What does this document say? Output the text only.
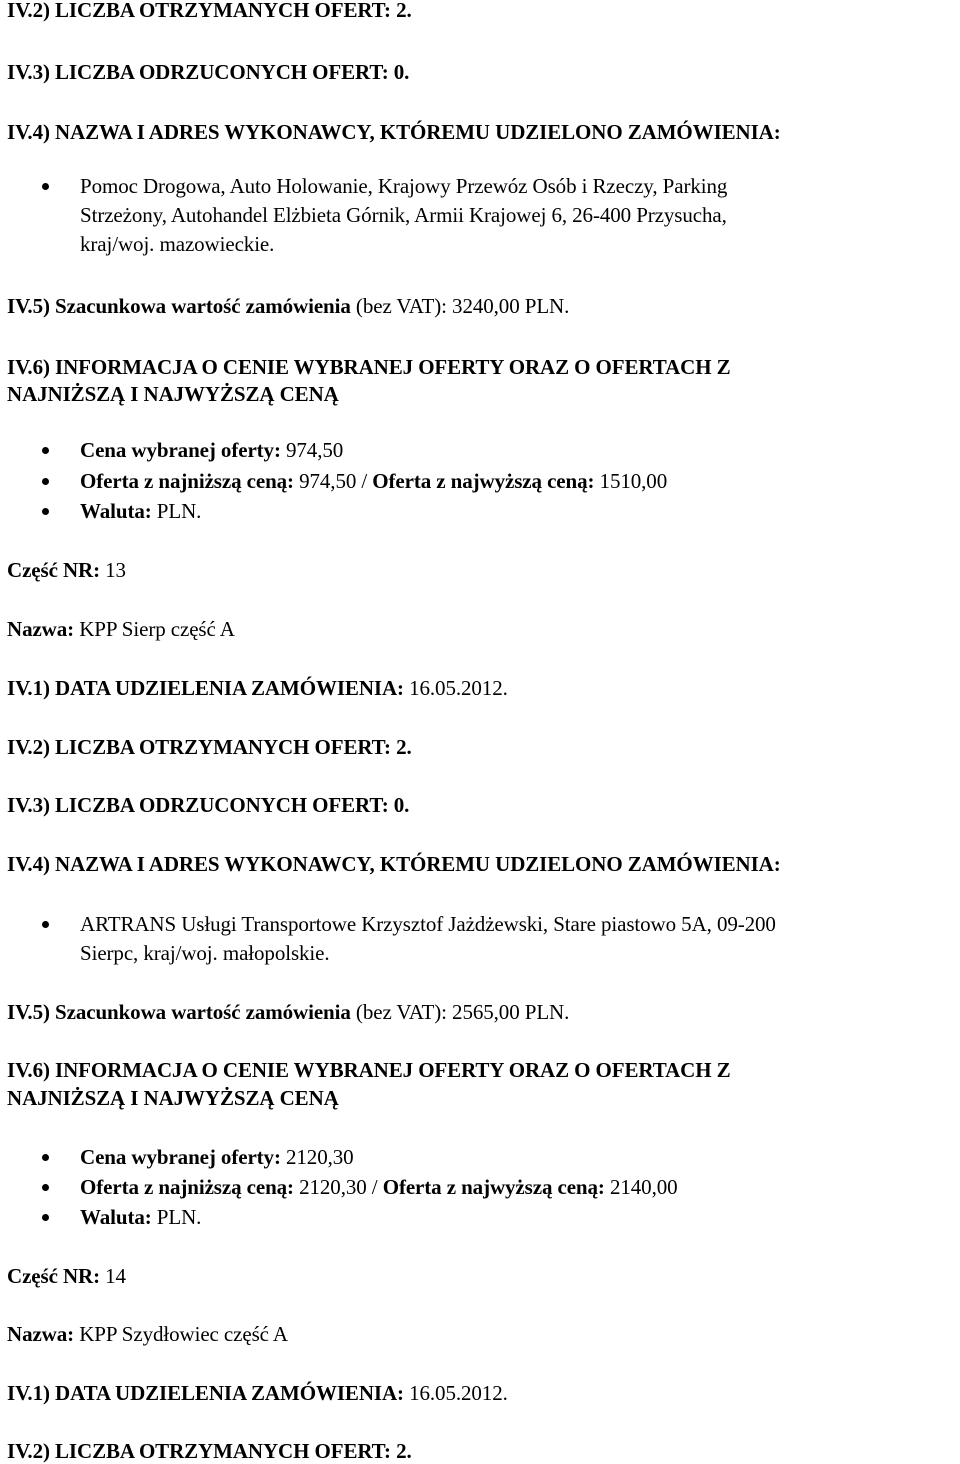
IV.2) LICZBA OTRZYMANYCH OFERT: 2.
IV.3) LICZBA ODRZUCONYCH OFERT: 0.
IV.4) NAZWA I ADRES WYKONAWCY, KTÓREMU UDZIELONO ZAMÓWIENIA:
Pomoc Drogowa, Auto Holowanie, Krajowy Przewóz Osób i Rzeczy, Parking
Strzeżony, Autohandel Elżbieta Górnik, Armii Krajowej 6, 26-400 Przysucha,
kraj/woj. mazowieckie.
IV.5) Szacunkowa wartość zamówienia (bez VAT): 3240,00 PLN.
IV.6) INFORMACJA O CENIE WYBRANEJ OFERTY ORAZ O OFERTACH Z
NAJNIŻSZĄ I NAJWYŻSZĄ CENĄ
Cena wybranej oferty: 974,50
Oferta z najniższą ceną: 974,50 / Oferta z najwyższą ceną: 1510,00
Waluta: PLN.
Część NR: 13
Nazwa: KPP Sierp część A
IV.1) DATA UDZIELENIA ZAMÓWIENIA: 16.05.2012.
IV.2) LICZBA OTRZYMANYCH OFERT: 2.
IV.3) LICZBA ODRZUCONYCH OFERT: 0.
IV.4) NAZWA I ADRES WYKONAWCY, KTÓREMU UDZIELONO ZAMÓWIENIA:
ARTRANS Usługi Transportowe Krzysztof Jażdżewski, Stare piastowo 5A, 09-200
Sierpc, kraj/woj. małopolskie.
IV.5) Szacunkowa wartość zamówienia (bez VAT): 2565,00 PLN.
IV.6) INFORMACJA O CENIE WYBRANEJ OFERTY ORAZ O OFERTACH Z
NAJNIŻSZĄ I NAJWYŻSZĄ CENĄ
Cena wybranej oferty: 2120,30
Oferta z najniższą ceną: 2120,30 / Oferta z najwyższą ceną: 2140,00
Waluta: PLN.
Część NR: 14
Nazwa: KPP Szydłowiec część A
IV.1) DATA UDZIELENIA ZAMÓWIENIA: 16.05.2012.
IV.2) LICZBA OTRZYMANYCH OFERT: 2.
